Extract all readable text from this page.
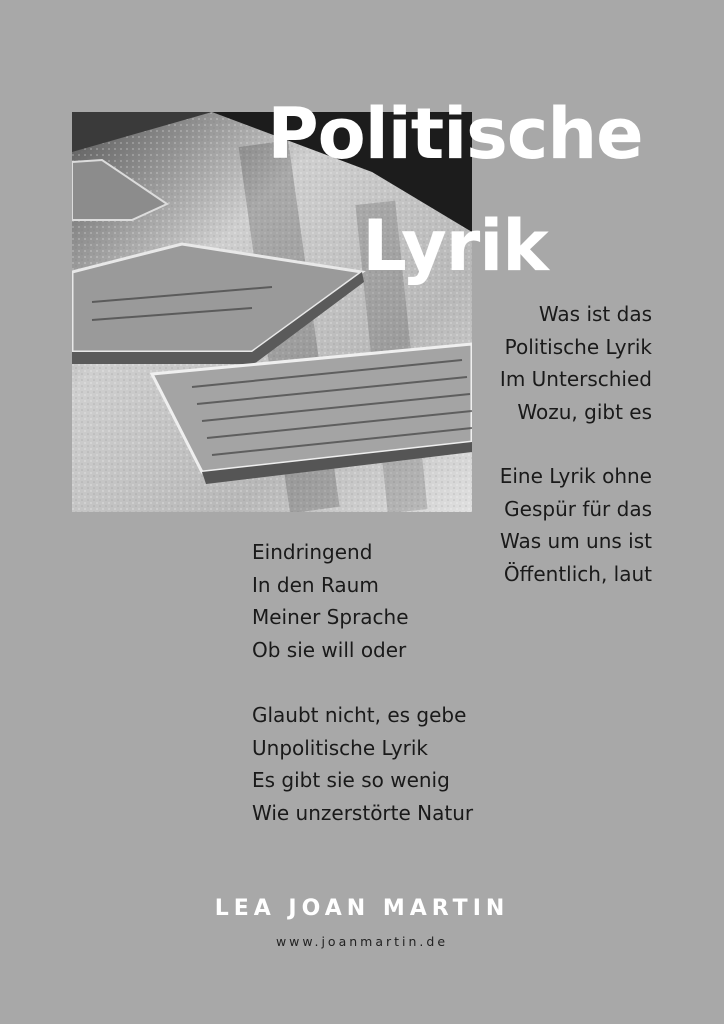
Politische
Lyrik
Was ist das
Politische Lyrik
Im Unterschied
Wozu, gibt es
Eine Lyrik ohne
Gespür für das
Was um uns ist
Öffentlich, laut
Eindringend
In den Raum
Meiner Sprache
Ob sie will oder
Glaubt nicht, es gebe
Unpolitische Lyrik
Es gibt sie so wenig
Wie unzerstörte Natur
LEA JOAN MARTIN
www.joanmartin.de
